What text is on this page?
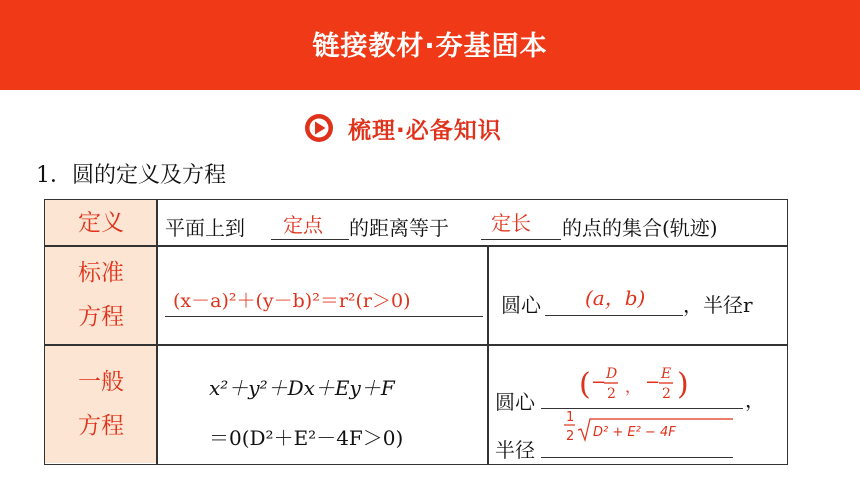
链接教材·夯基固本
梳理·必备知识
1．圆的定义及方程
定义
标准
方程
一般
方程
平面上到 定点 的距离等于 定长 的点的集合(轨迹)
(x－a)²＋(y－b)²＝r²(r＞0)	圆心 (a，b) ，半径r
x²＋y²＋Dx＋Ey＋F
＝0(D²＋E²－4F＞0)
圆心	，
( − D
2 ， − E
2 )
半径
1
2 D² + E² − 4F
